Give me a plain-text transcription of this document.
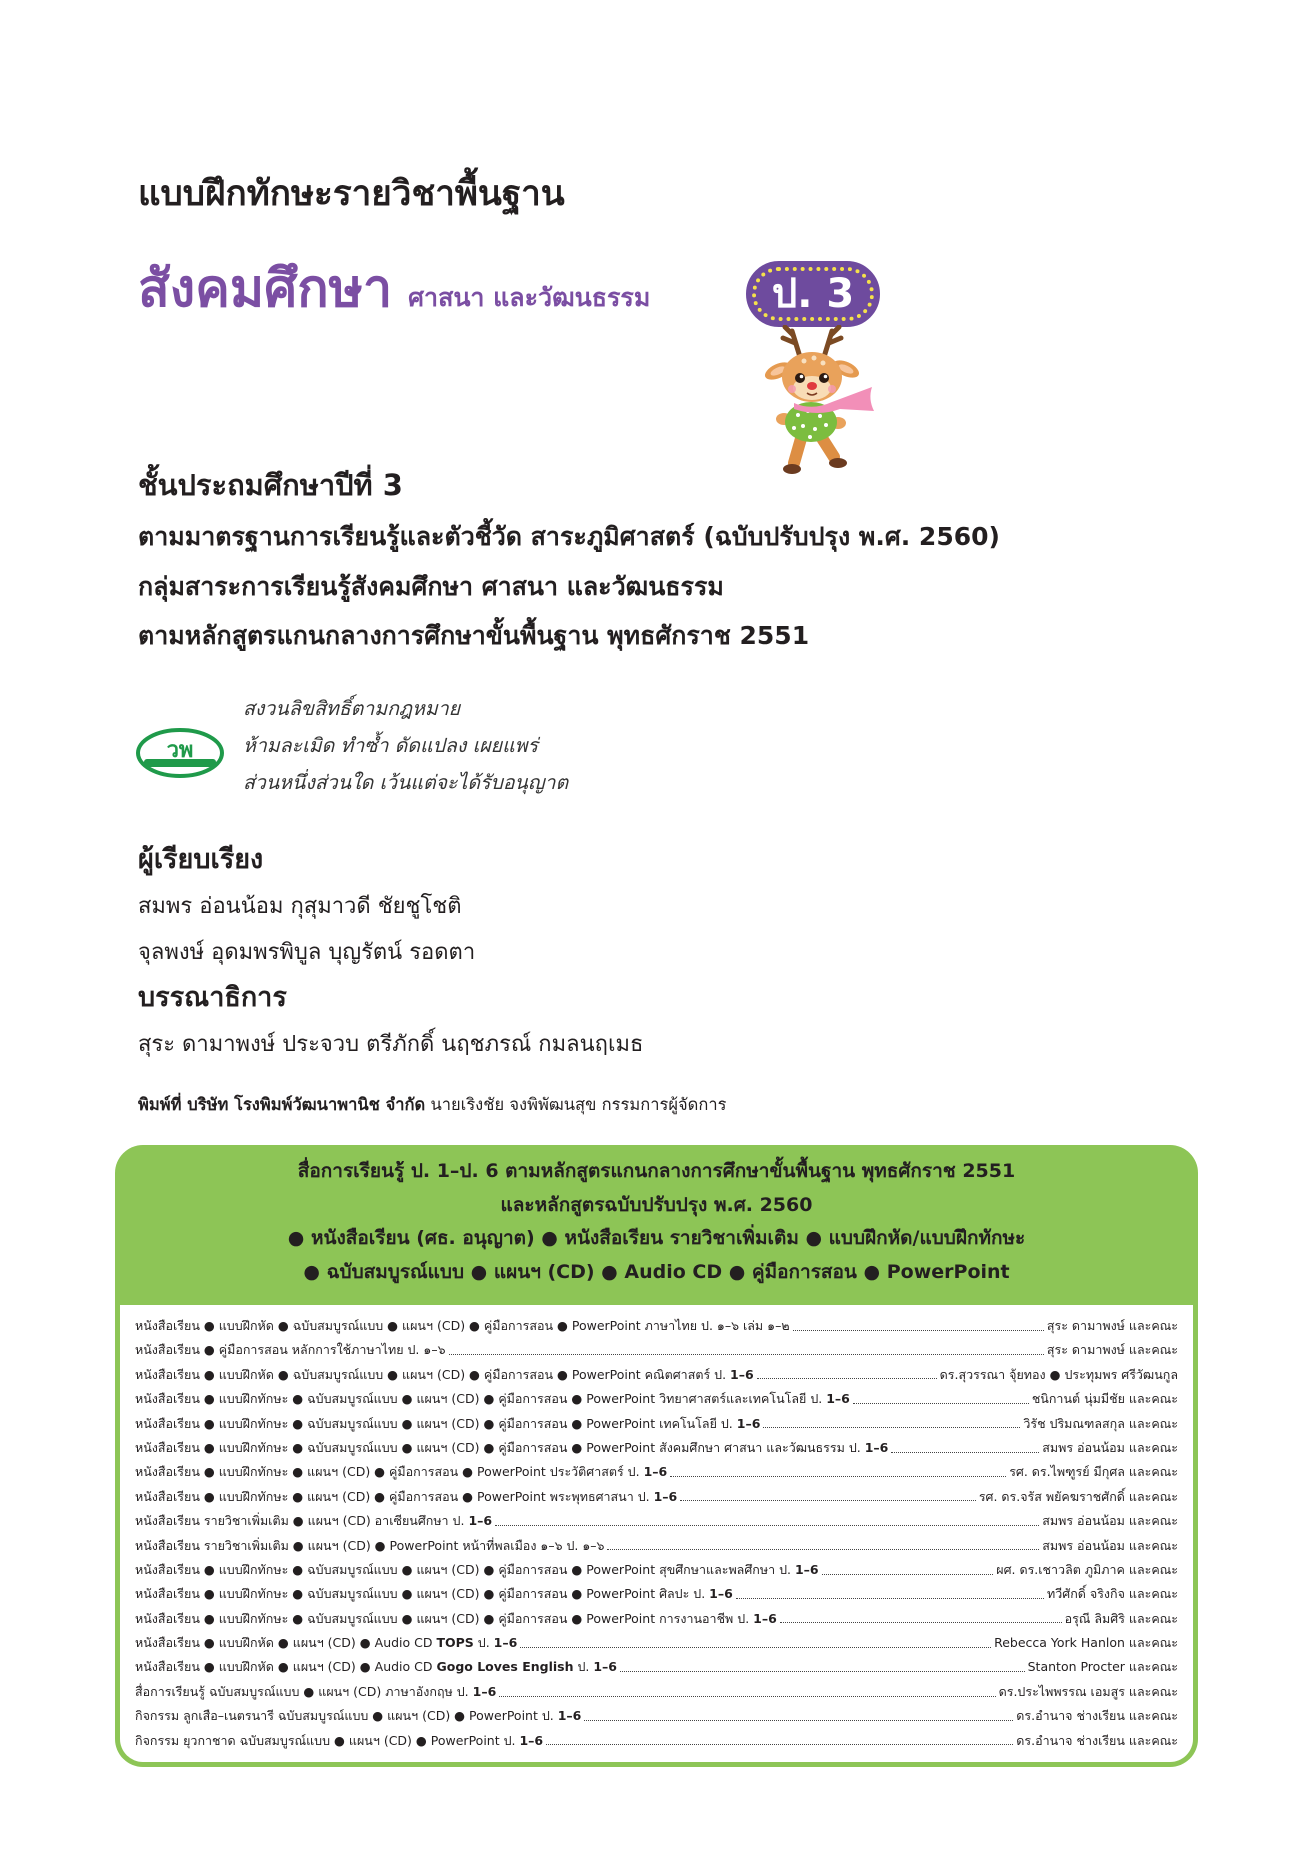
แบบฝึกทักษะรายวิชาพื้นฐาน
สังคมศึกษา ศาสนา และวัฒนธรรม	ป. 3
ชั้นประถมศึกษาปีที่ 3
ตามมาตรฐานการเรียนรู้และตัวชี้วัด สาระภูมิศาสตร์ (ฉบับปรับปรุง พ.ศ. 2560)
กลุ่มสาระการเรียนรู้สังคมศึกษา ศาสนา และวัฒนธรรม
ตามหลักสูตรแกนกลางการศึกษาขั้นพื้นฐาน พุทธศักราช 2551
วพ
สงวนลิขสิทธิ์ตามกฎหมาย
ห้ามละเมิด ทำซ้ำ ดัดแปลง เผยแพร่
ส่วนหนึ่งส่วนใด เว้นแต่จะได้รับอนุญาต
ผู้เรียบเรียง
สมพร อ่อนน้อม กุสุมาวดี ชัยชูโชติ
จุลพงษ์ อุดมพรพิบูล บุญรัตน์ รอดตา
บรรณาธิการ
สุระ ดามาพงษ์ ประจวบ ตรีภักดิ์ นฤชภรณ์ กมลนฤเมธ
พิมพ์ที่ บริษัท โรงพิมพ์วัฒนาพานิช จำกัด นายเริงชัย จงพิพัฒนสุข กรรมการผู้จัดการ
สื่อการเรียนรู้ ป. 1–ป. 6 ตามหลักสูตรแกนกลางการศึกษาขั้นพื้นฐาน พุทธศักราช 2551
และหลักสูตรฉบับปรับปรุง พ.ศ. 2560
● หนังสือเรียน (ศธ. อนุญาต) ● หนังสือเรียน รายวิชาเพิ่มเติม ● แบบฝึกหัด/แบบฝึกทักษะ
● ฉบับสมบูรณ์แบบ ● แผนฯ (CD) ● Audio CD ● คู่มือการสอน ● PowerPoint
หนังสือเรียน ● แบบฝึกหัด ● ฉบับสมบูรณ์แบบ ● แผนฯ (CD) ● คู่มือการสอน ● PowerPoint ภาษาไทย ป. ๑–๖ เล่ม ๑–๒	สุระ ดามาพงษ์ และคณะ
หนังสือเรียน ● คู่มือการสอน หลักการใช้ภาษาไทย ป. ๑–๖	สุระ ดามาพงษ์ และคณะ
หนังสือเรียน ● แบบฝึกหัด ● ฉบับสมบูรณ์แบบ ● แผนฯ (CD) ● คู่มือการสอน ● PowerPoint คณิตศาสตร์ ป. 1–6	ดร.สุวรรณา จุ้ยทอง ● ประทุมพร ศรีวัฒนกูล
หนังสือเรียน ● แบบฝึกทักษะ ● ฉบับสมบูรณ์แบบ ● แผนฯ (CD) ● คู่มือการสอน ● PowerPoint วิทยาศาสตร์และเทคโนโลยี ป. 1–6	ชนิกานต์ นุ่มมีชัย และคณะ
หนังสือเรียน ● แบบฝึกทักษะ ● ฉบับสมบูรณ์แบบ ● แผนฯ (CD) ● คู่มือการสอน ● PowerPoint เทคโนโลยี ป. 1–6	วิรัช ปริมณฑลสกุล และคณะ
หนังสือเรียน ● แบบฝึกทักษะ ● ฉบับสมบูรณ์แบบ ● แผนฯ (CD) ● คู่มือการสอน ● PowerPoint สังคมศึกษา ศาสนา และวัฒนธรรม ป. 1–6	สมพร อ่อนน้อม และคณะ
หนังสือเรียน ● แบบฝึกทักษะ ● แผนฯ (CD) ● คู่มือการสอน ● PowerPoint ประวัติศาสตร์ ป. 1–6	รศ. ดร.ไพฑูรย์ มีกุศล และคณะ
หนังสือเรียน ● แบบฝึกทักษะ ● แผนฯ (CD) ● คู่มือการสอน ● PowerPoint พระพุทธศาสนา ป. 1–6	รศ. ดร.จรัส พยัคฆราชศักดิ์ และคณะ
หนังสือเรียน รายวิชาเพิ่มเติม ● แผนฯ (CD) อาเซียนศึกษา ป. 1–6	สมพร อ่อนน้อม และคณะ
หนังสือเรียน รายวิชาเพิ่มเติม ● แผนฯ (CD) ● PowerPoint หน้าที่พลเมือง ๑–๖ ป. ๑–๖	สมพร อ่อนน้อม และคณะ
หนังสือเรียน ● แบบฝึกทักษะ ● ฉบับสมบูรณ์แบบ ● แผนฯ (CD) ● คู่มือการสอน ● PowerPoint สุขศึกษาและพลศึกษา ป. 1–6	ผศ. ดร.เชาวลิต ภูมิภาค และคณะ
หนังสือเรียน ● แบบฝึกทักษะ ● ฉบับสมบูรณ์แบบ ● แผนฯ (CD) ● คู่มือการสอน ● PowerPoint ศิลปะ ป. 1–6	ทวีศักดิ์ จริงกิจ และคณะ
หนังสือเรียน ● แบบฝึกทักษะ ● ฉบับสมบูรณ์แบบ ● แผนฯ (CD) ● คู่มือการสอน ● PowerPoint การงานอาชีพ ป. 1–6	อรุณี ลิมศิริ และคณะ
หนังสือเรียน ● แบบฝึกหัด ● แผนฯ (CD) ● Audio CD TOPS ป. 1–6	Rebecca York Hanlon และคณะ
หนังสือเรียน ● แบบฝึกหัด ● แผนฯ (CD) ● Audio CD Gogo Loves English ป. 1–6	Stanton Procter และคณะ
สื่อการเรียนรู้ ฉบับสมบูรณ์แบบ ● แผนฯ (CD) ภาษาอังกฤษ ป. 1–6	ดร.ประไพพรรณ เอมสูร และคณะ
กิจกรรม ลูกเสือ–เนตรนารี ฉบับสมบูรณ์แบบ ● แผนฯ (CD) ● PowerPoint ป. 1–6	ดร.อำนาจ ช่างเรียน และคณะ
กิจกรรม ยุวกาชาด ฉบับสมบูรณ์แบบ ● แผนฯ (CD) ● PowerPoint ป. 1–6	ดร.อำนาจ ช่างเรียน และคณะ
